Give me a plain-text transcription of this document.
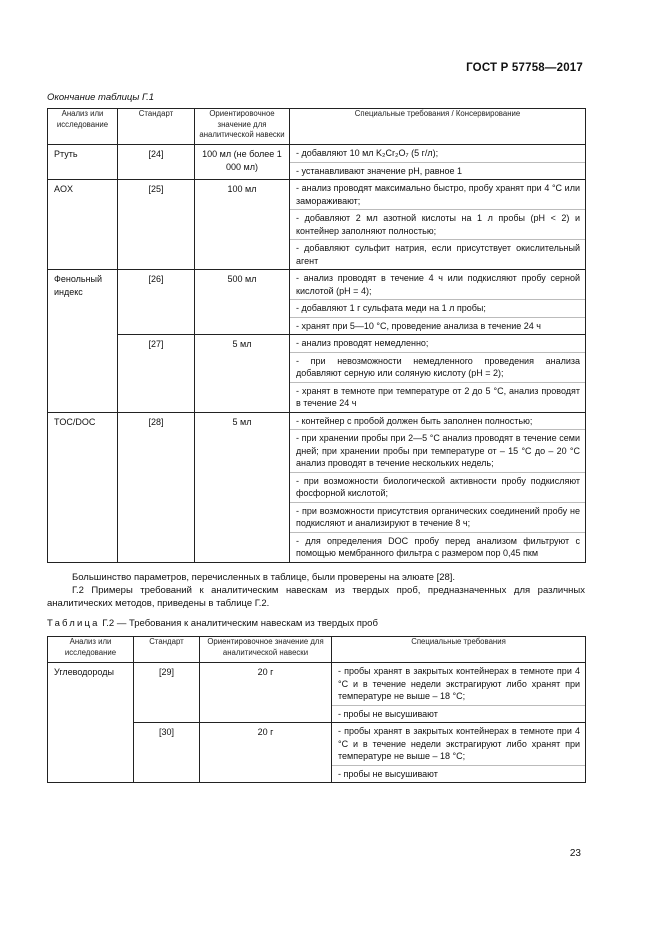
ГОСТ Р 57758—2017
Окончание таблицы Г.1
Анализ или исследование	Стандарт	Ориентировочное значение для аналитической навески	Специальные требования / Консервирование
Ртуть	[24]	100 мл (не более 1 000 мл)	- добавляют 10 мл K₂Cr₂O₇ (5 г/л);
- устанавливают значение pH, равное 1

AOX	[25]	100 мл	- анализ проводят максимально быстро, пробу хранят при 4 °C или замораживают;
- добавляют 2 мл азотной кислоты на 1 л пробы (pH < 2) и контейнер заполняют полностью;
- добавляют сульфит натрия, если присутствует окислительный агент

Фенольный индекс	[26]	500 мл	- анализ проводят в течение 4 ч или подкисляют пробу серной кислотой (pH = 4);
- добавляют 1 г сульфата меди на 1 л пробы;
- хранят при 5—10 °C, проведение анализа в течение 24 ч

	[27]	5 мл	- анализ проводят немедленно;
- при невозможности немедленного проведения анализа добавляют серную или соляную кислоту (pH = 2);
- хранят в темноте при температуре от 2 до 5 °C, анализ проводят в течение 24 ч

TOC/DOC	[28]	5 мл	- контейнер с пробой должен быть заполнен полностью;
- при хранении пробы при 2—5 °C анализ проводят в течение семи дней; при хранении пробы при температуре от – 15 °C до – 20 °C анализ проводят в течение нескольких недель;
- при возможности биологической активности пробу подкисляют фосфорной кислотой;
- при возможности присутствия органических соединений пробу не подкисляют и анализируют в течение 8 ч;
- для определения DOC пробу перед анализом фильтруют с помощью мембранного фильтра с размером пор 0,45 пкм
Большинство параметров, перечисленных в таблице, были проверены на элюате [28].
Г.2 Примеры требований к аналитическим навескам из твердых проб, предназначенных для различных аналитических методов, приведены в таблице Г.2.
Таблица Г.2 — Требования к аналитическим навескам из твердых проб
Анализ или исследование	Стандарт	Ориентировочное значение для аналитической навески	Специальные требования
Углеводороды	[29]	20 г	- пробы хранят в закрытых контейнерах в темноте при 4 °C и в течение недели экстрагируют либо хранят при температуре не выше – 18 °C;
- пробы не высушивают

	[30]	20 г	- пробы хранят в закрытых контейнерах в темноте при 4 °C и в течение недели экстрагируют либо хранят при температуре не выше – 18 °C;
- пробы не высушивают
23
